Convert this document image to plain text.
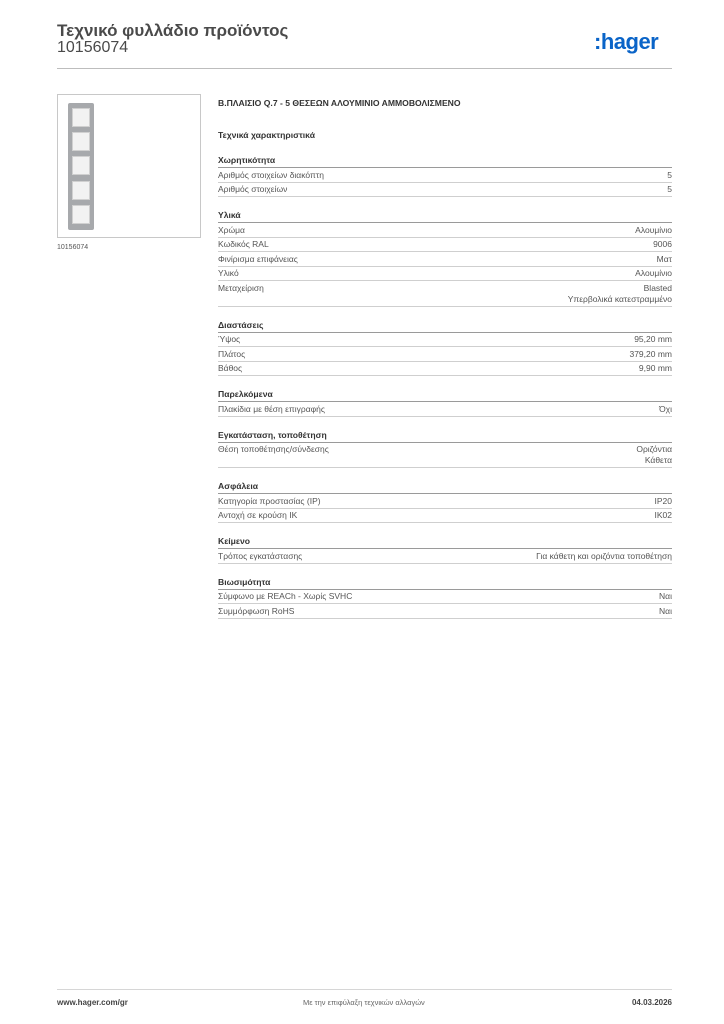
Τεχνικό φυλλάδιο προϊόντος
10156074	:hager
10156074
Β.ΠΛΑΙΣΙΟ Q.7 - 5 ΘΕΣΕΩΝ ΑΛΟΥΜΙΝΙΟ ΑΜΜΟΒΟΛΙΣΜΕΝΟ
Τεχνικά χαρακτηριστικά
Χωρητικότητα
Αριθμός στοιχείων διακόπτη	5
Αριθμός στοιχείων	5
Υλικά
Χρώμα	Αλουμίνιο
Κωδικός RAL	9006
Φινίρισμα επιφάνειας	Ματ
Υλικό	Αλουμίνιο
Μεταχείριση	Blasted
Υπερβολικά κατεστραμμένο
Διαστάσεις
Ύψος	95,20 mm
Πλάτος	379,20 mm
Βάθος	9,90 mm
Παρελκόμενα
Πλακίδια με θέση επιγραφής	Όχι
Εγκατάσταση, τοποθέτηση
Θέση τοποθέτησης/σύνδεσης	Οριζόντια
Κάθετα
Ασφάλεια
Κατηγορία προστασίας (IP)	IP20
Αντοχή σε κρούση IK	IK02
Κείμενο
Τρόπος εγκατάστασης	Για κάθετη και οριζόντια τοποθέτηση
Βιωσιμότητα
Σύμφωνο με REACh - Χωρίς SVHC	Ναι
Συμμόρφωση RoHS	Ναι
www.hager.com/gr	Με την επιφύλαξη τεχνικών αλλαγών	04.03.2026
